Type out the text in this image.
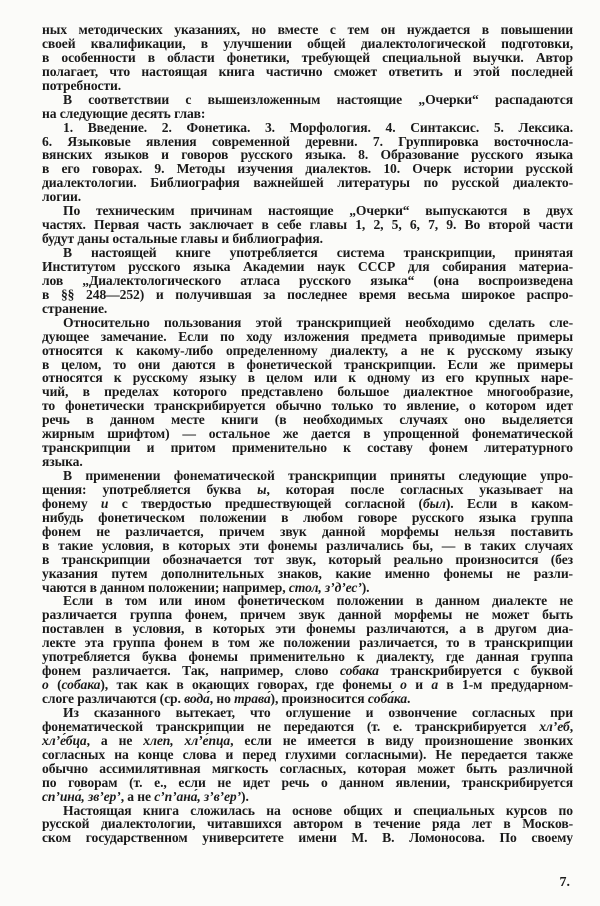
ных методических указаниях, но вместе с тем он нуждается в повышении
своей квалификации, в улучшении общей диалектологической подготовки,
в особенности в области фонетики, требующей специальной выучки. Автор
полагает, что настоящая книга частично сможет ответить и этой последней
потребности.
В соответствии с вышеизложенным настоящие „Очерки“ распадаются
на следующие десять глав:
1. Введение. 2. Фонетика. 3. Морфология. 4. Синтаксис. 5. Лексика.
6. Языковые явления современной деревни. 7. Группировка восточносла-
вянских языков и говоров русского языка. 8. Образование русского языка
в его говорах. 9. Методы изучения диалектов. 10. Очерк истории русской
диалектологии. Библиография важнейшей литературы по русской диалекто-
логии.
По техническим причинам настоящие „Очерки“ выпускаются в двух
частях. Первая часть заключает в себе главы 1, 2, 5, 6, 7, 9. Во второй части
будут даны остальные главы и библиография.
В настоящей книге употребляется система транскрипции, принятая
Институтом русского языка Академии наук СССР для собирания материа-
лов „Диалектологического атласа русского языка“ (она воспроизведена
в §§ 248—252) и получившая за последнее время весьма широкое распро-
странение.
Относительно пользования этой транскрипцией необходимо сделать сле-
дующее замечание. Если по ходу изложения предмета приводимые примеры
относятся к какому-либо определенному диалекту, а не к русскому языку
в целом, то они даются в фонетической транскрипции. Если же примеры
относятся к русскому языку в целом или к одному из его крупных наре-
чий, в пределах которого представлено большое диалектное многообразие,
то фонетически транскрибируется обычно только то явление, о котором идет
речь в данном месте книги (в необходимых случаях оно выделяется
жирным шрифтом) — остальное же дается в упрощенной фонематической
транскрипции и притом применительно к составу фонем литературного
языка.
В применении фонематической транскрипции приняты следующие упро-
щения: употребляется буква ы, которая после согласных указывает на
фонему и с твердостью предшествующей согласной (был). Если в каком-
нибудь фонетическом положении в любом говоре русского языка группа
фонем не различается, причем звук данной морфемы нельзя поставить
в такие условия, в которых эти фонемы различались бы, — в таких случаях
в транскрипции обозначается тот звук, который реально произносится (без
указания путем дополнительных знаков, какие именно фонемы не разли-
чаются в данном положении; например, стол, з’д’ес’).
Если в том или ином фонетическом положении в данном диалекте не
различается группа фонем, причем звук данной морфемы не может быть
поставлен в условия, в которых эти фонемы различаются, а в другом диа-
лекте эта группа фонем в том же положении различается, то в транскрипции
употребляется буква фонемы применительно к диалекту, где данная группа
фонем различается. Так, например, слово собака транскрибируется с буквой
о (собака), так как в окающих говорах, где фонемы о и а в 1-м предударном-
слоге различаются (ср. вода́, но трава́), произносится coба́ка.
Из сказанного вытекает, что оглушение и озвончение согласных при
фонематической транскрипции не передаются (т. е. транскрибируется хл’еб,
хл’е́бца, а не хлеп, хл’е́пца, если не имеется в виду произношение звонких
согласных на конце слова и перед глухими согласными). Не передается также
обычно ассимилятивная мягкость согласных, которая может быть различной
по говорам (т. е., если не идет речь о данном явлении, транскрибируется
сп’ина́, зв’ер’, а не с’п’ана́, з’в’ер’).
Настоящая книга сложилась на основе общих и специальных курсов по
русской диалектологии, читавшихся автором в течение ряда лет в Москов-
ском государственном университете имени М. В. Ломоносова. По своему
7.
